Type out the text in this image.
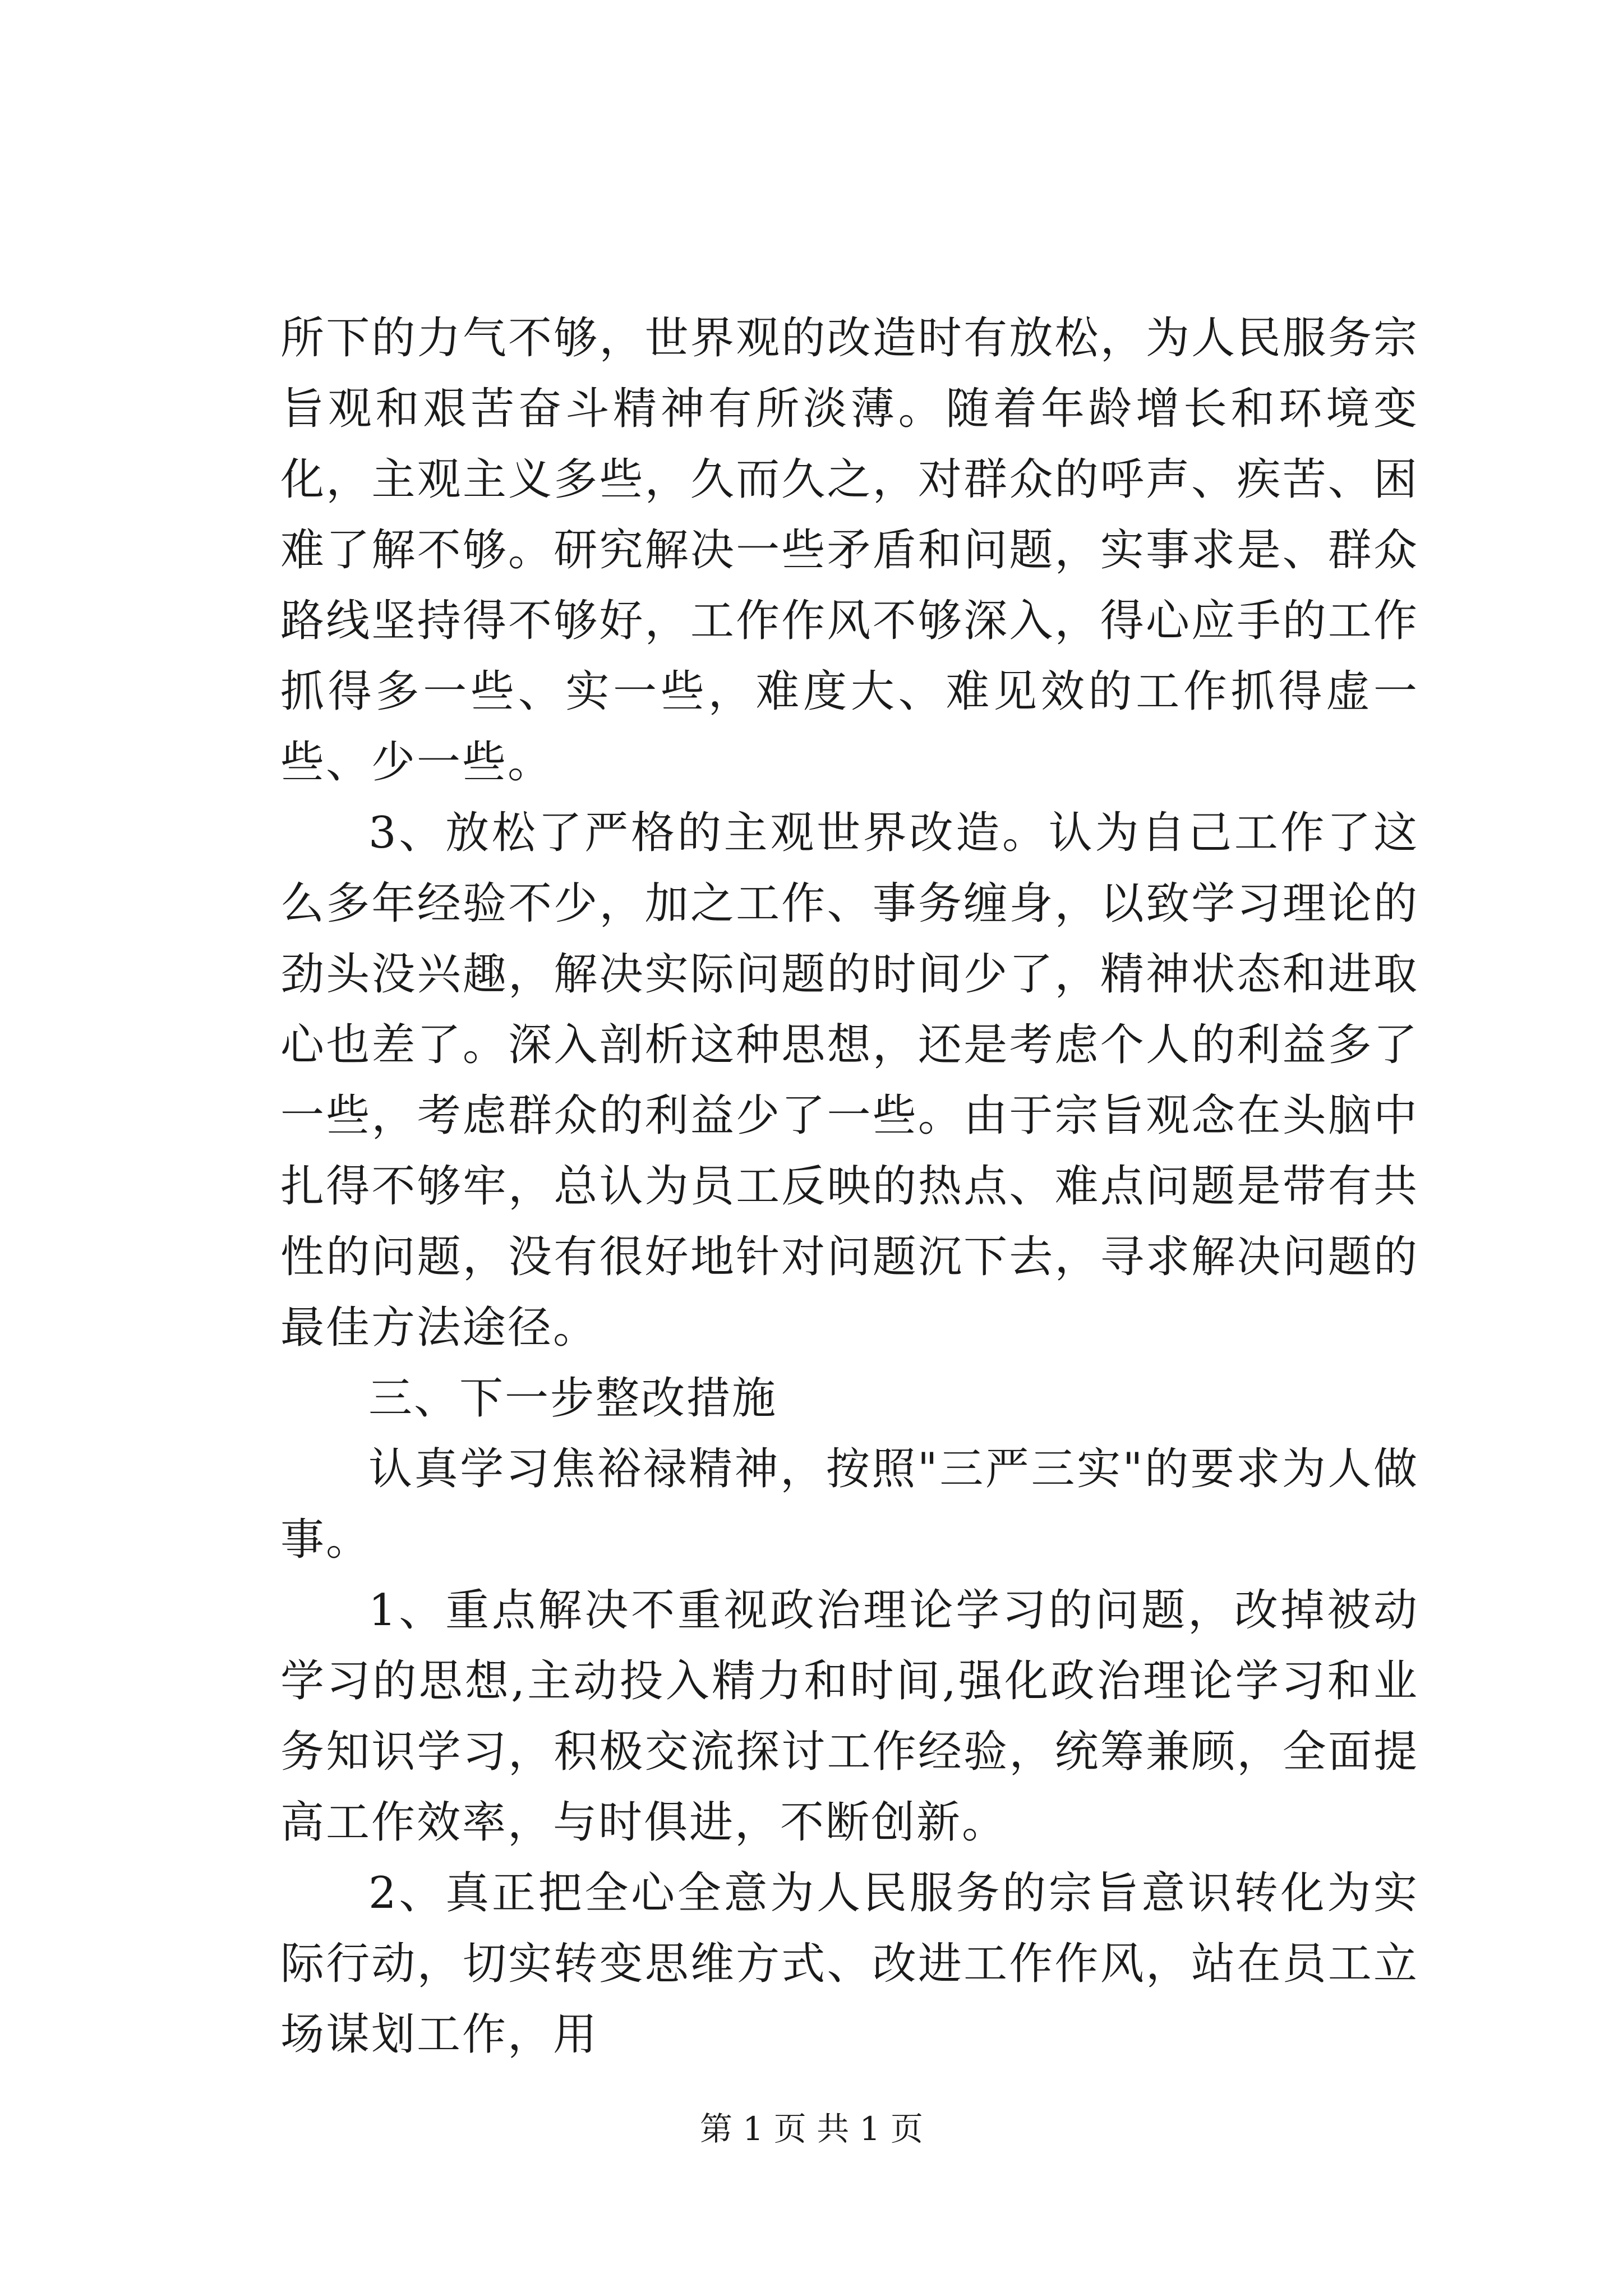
所下的力气不够，世界观的改造时有放松，为人民服务宗旨观和艰苦奋斗精神有所淡薄。随着年龄增长和环境变化，主观主义多些，久而久之，对群众的呼声、疾苦、困难了解不够。研究解决一些矛盾和问题，实事求是、群众路线坚持得不够好，工作作风不够深入，得心应手的工作抓得多一些、实一些，难度大、难见效的工作抓得虚一些、少一些。

3、放松了严格的主观世界改造。认为自己工作了这么多年经验不少，加之工作、事务缠身，以致学习理论的劲头没兴趣，解决实际问题的时间少了，精神状态和进取心也差了。深入剖析这种思想，还是考虑个人的利益多了一些，考虑群众的利益少了一些。由于宗旨观念在头脑中扎得不够牢，总认为员工反映的热点、难点问题是带有共性的问题，没有很好地针对问题沉下去，寻求解决问题的最佳方法途径。

三、下一步整改措施

认真学习焦裕禄精神，按照"三严三实"的要求为人做事。

1、重点解决不重视政治理论学习的问题，改掉被动学习的思想,主动投入精力和时间,强化政治理论学习和业务知识学习，积极交流探讨工作经验，统筹兼顾，全面提高工作效率，与时俱进，不断创新。

2、真正把全心全意为人民服务的宗旨意识转化为实际行动，切实转变思维方式、改进工作作风，站在员工立场谋划工作，用

第 1 页 共 1 页
